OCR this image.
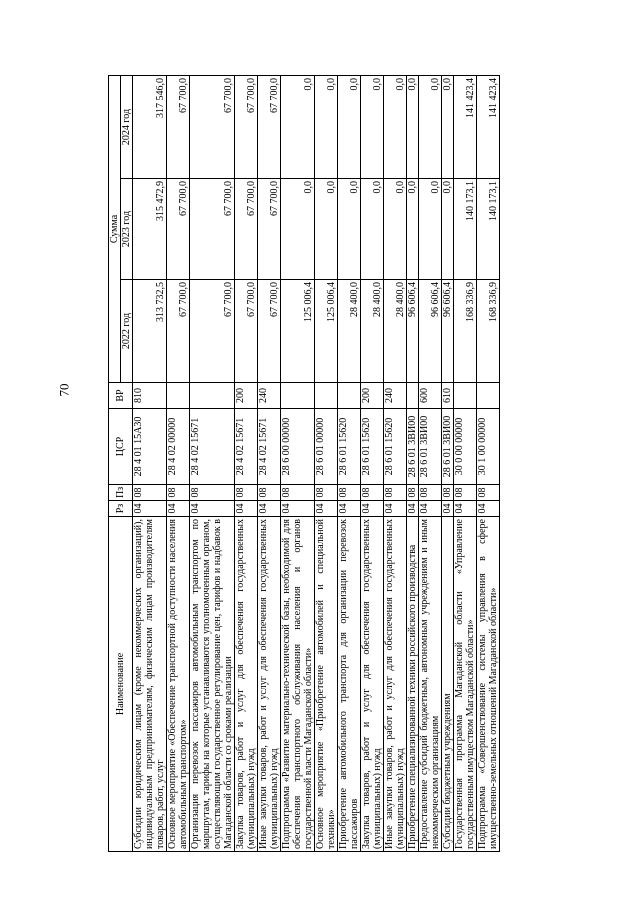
70
Наименование	Рз	Пз	ЦСР	ВР	Сумма		
					2022 год	2023 год	2024 год
Субсидии юридическим лицам (кроме некоммерческих организаций), индивидуальным предпринимателям, физическим лицам производителям товаров, работ, услуг	04	08	28 4 01 15А30	810	313 732,5	315 472,9	317 546,0
Основное мероприятие «Обеспечение транспортной доступности населения автомобильным транспортом»	04	08	28 4 02 00000		67 700,0	67 700,0	67 700,0
Организация перевозок пассажиров автомобильным транспортом по маршрутам, тарифы на которые устанавливаются уполномоченным органом, осуществляющим государственное регулирование цен, тарифов и надбавок в Магаданской области со сроками реализации	04	08	28 4 02 15671		67 700,0	67 700,0	67 700,0
Закупка товаров, работ и услуг для обеспечения государственных (муниципальных) нужд	04	08	28 4 02 15671	200	67 700,0	67 700,0	67 700,0
Иные закупки товаров, работ и услуг для обеспечения государственных (муниципальных) нужд	04	08	28 4 02 15671	240	67 700,0	67 700,0	67 700,0
Подпрограмма «Развитие материально-технической базы, необходимой для обеспечения транспортного обслуживания населения и органов государственной власти Магаданской области»	04	08	28 6 00 00000		125 006,4	0,0	0,0
Основное мероприятие «Приобретение автомобилей и специальной техники»	04	08	28 6 01 00000		125 006,4	0,0	0,0
Приобретение автомобильного транспорта для организации перевозок пассажиров	04	08	28 6 01 15620		28 400,0	0,0	0,0
Закупка товаров, работ и услуг для обеспечения государственных (муниципальных) нужд	04	08	28 6 01 15620	200	28 400,0	0,0	0,0
Иные закупки товаров, работ и услуг для обеспечения государственных (муниципальных) нужд	04	08	28 6 01 15620	240	28 400,0	0,0	0,0
Приобретение специализированной техники российского производства	04	08	28 6 01 3ВИ00		96 606,4	0,0	0,0
Предоставление субсидий бюджетным, автономным учреждениям и иным некоммерческим организациям	04	08	28 6 01 3ВИ00	600	96 606,4	0,0	0,0
Субсидии бюджетным учреждениям	04	08	28 6 01 3ВИ00	610	96 606,4	0,0	0,0
Государственная программа Магаданской области «Управление государственным имуществом Магаданской области»	04	08	30 0 00 00000		168 336,9	140 173,1	141 423,4
Подпрограмма «Совершенствование системы управления в сфере имущественно-земельных отношений Магаданской области»	04	08	30 1 00 00000		168 336,9	140 173,1	141 423,4
